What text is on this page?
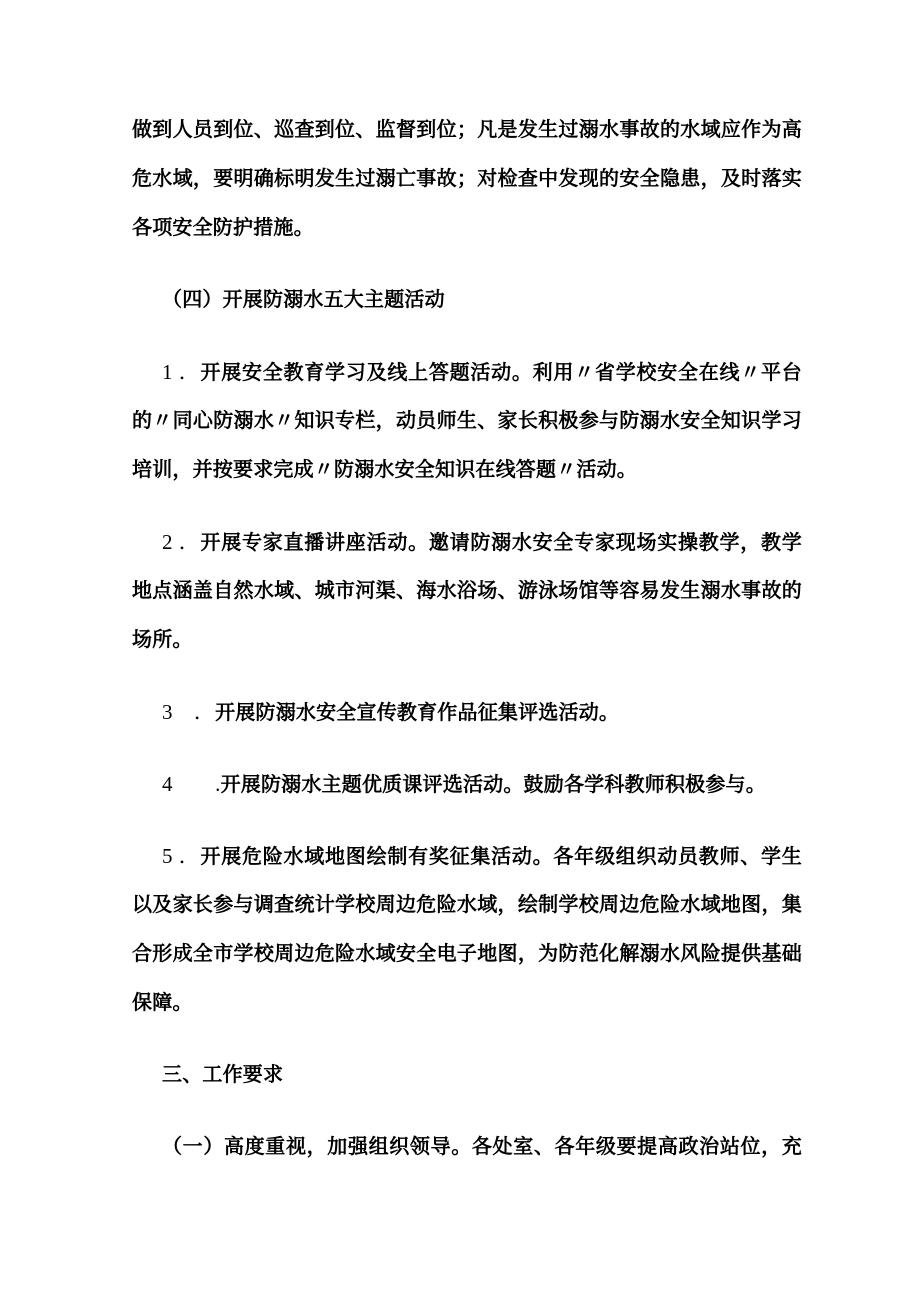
做到人员到位、巡查到位、监督到位；凡是发生过溺水事故的水域应作为高
危水域，要明确标明发生过溺亡事故；对检查中发现的安全隐患，及时落实
各项安全防护措施。
（四）开展防溺水五大主题活动
1 ．开展安全教育学习及线上答题活动。利用〃省学校安全在线〃平台
的〃同心防溺水〃知识专栏，动员师生、家长积极参与防溺水安全知识学习
培训，并按要求完成〃防溺水安全知识在线答题〃活动。
2 ．开展专家直播讲座活动。邀请防溺水安全专家现场实操教学，教学
地点涵盖自然水域、城市河渠、海水浴场、游泳场馆等容易发生溺水事故的
场所。
3　．开展防溺水安全宣传教育作品征集评选活动。
4　　.开展防溺水主题优质课评选活动。鼓励各学科教师积极参与。
5 ．开展危险水域地图绘制有奖征集活动。各年级组织动员教师、学生
以及家长参与调查统计学校周边危险水域，绘制学校周边危险水域地图，集
合形成全市学校周边危险水域安全电子地图，为防范化解溺水风险提供基础
保障。
三、工作要求
（一）高度重视，加强组织领导。各处室、各年级要提高政治站位，充
